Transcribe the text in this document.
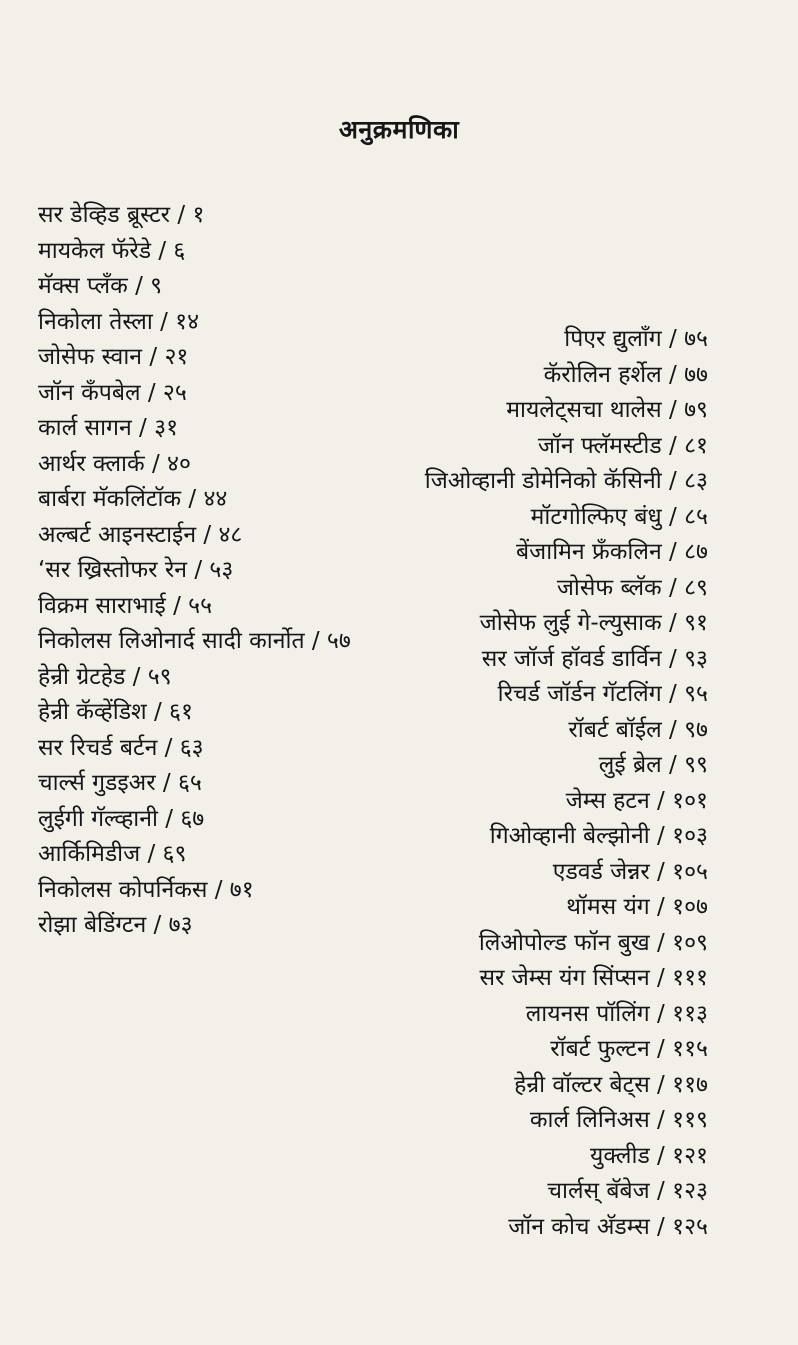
अनुक्रमणिका
सर डेव्हिड ब्रूस्टर / १
मायकेल फॅरेडे / ६
मॅक्स प्लँक / ९
निकोला तेस्ला / १४
जोसेफ स्वान / २१
जॉन कॅंपबेल / २५
कार्ल सागन / ३१
आर्थर क्लार्क / ४०
बार्बरा मॅकलिंटॉक / ४४
अल्बर्ट आइनस्टाईन / ४८
‘सर ख्रिस्तोफर रेन / ५३
विक्रम साराभाई / ५५
निकोलस लिओनार्द सादी कार्नोत / ५७
हेन्री ग्रेटहेड / ५९
हेन्री कॅव्हेंडिश / ६१
सर रिचर्ड बर्टन / ६३
चार्ल्स गुडइअर / ६५
लुईगी गॅल्व्हानी / ६७
आर्किमिडीज / ६९
निकोलस कोपर्निकस / ७१
रोझा बेडिंग्टन / ७३
पिएर द्युलाँग / ७५
कॅरोलिन हर्शेल / ७७
मायलेट्सचा थालेस / ७९
जॉन फ्लॅमस्टीड / ८१
जिओव्हानी डोमेनिको कॅसिनी / ८३
मॉटगोल्फिए बंधु / ८५
बेंजामिन फ्रँकलिन / ८७
जोसेफ ब्लॅक / ८९
जोसेफ लुई गे-ल्युसाक / ९१
सर जॉर्ज हॉवर्ड डार्विन / ९३
रिचर्ड जॉर्डन गॅटलिंग / ९५
रॉबर्ट बॉईल / ९७
लुई ब्रेल / ९९
जेम्स हटन / १०१
गिओव्हानी बेल्झोनी / १०३
एडवर्ड जेन्नर / १०५
थॉमस यंग / १०७
लिओपोल्ड फॉन बुख / १०९
सर जेम्स यंग सिंप्सन / १११
लायनस पॉलिंग / ११३
रॉबर्ट फुल्टन / ११५
हेन्री वॉल्टर बेट्स / ११७
कार्ल लिनिअस / ११९
युक्लीड / १२१
चार्लस् बॅबेज / १२३
जॉन कोच अ‍ॅडम्स / १२५
